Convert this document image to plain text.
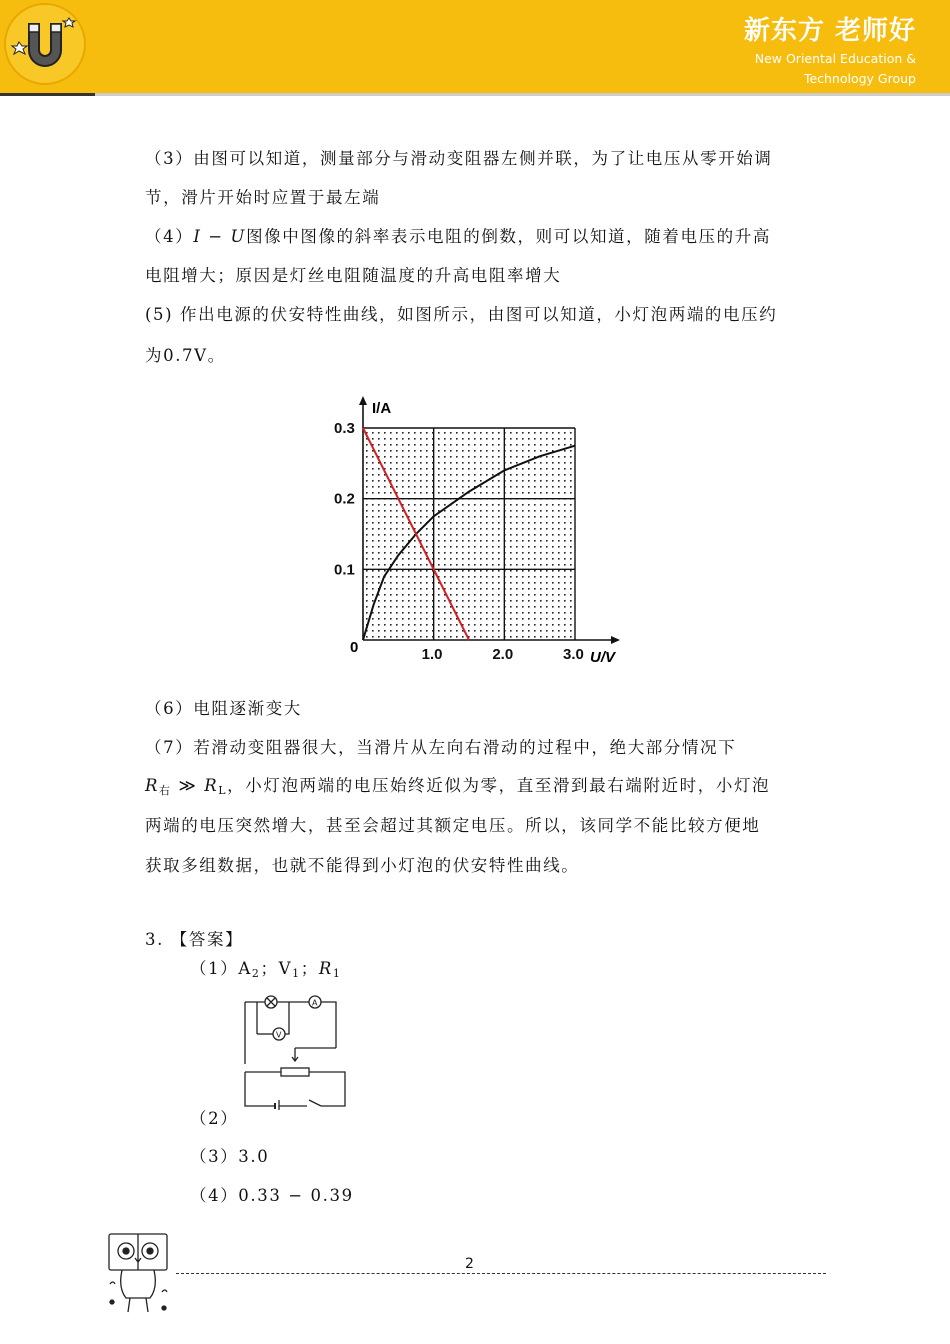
新东方 老师好
New Oriental Education &
Technology Group
（3）由图可以知道，测量部分与滑动变阻器左侧并联，为了让电压从零开始调
节，滑片开始时应置于最左端
（4）I − U图像中图像的斜率表示电阻的倒数，则可以知道，随着电压的升高
电阻增大；原因是灯丝电阻随温度的升高电阻率增大
(5) 作出电源的伏安特性曲线，如图所示，由图可以知道，小灯泡两端的电压约
为0.7V。
I/A
U/V
0
0.1
0.2
0.3
1.0	2.0	3.0
（6）电阻逐渐变大
（7）若滑动变阻器很大，当滑片从左向右滑动的过程中，绝大部分情况下
$R_右$ ≫ $R_L$，小灯泡两端的电压始终近似为零，直至滑到最右端附近时，小灯泡
两端的电压突然增大，甚至会超过其额定电压。所以，该同学不能比较方便地
获取多组数据，也就不能得到小灯泡的伏安特性曲线。
3. 【答案】
$(1)A_2$；$V_1$；$R_1$
A
V
（2）
（3）3.0
（4）0.33 − 0.39
2
